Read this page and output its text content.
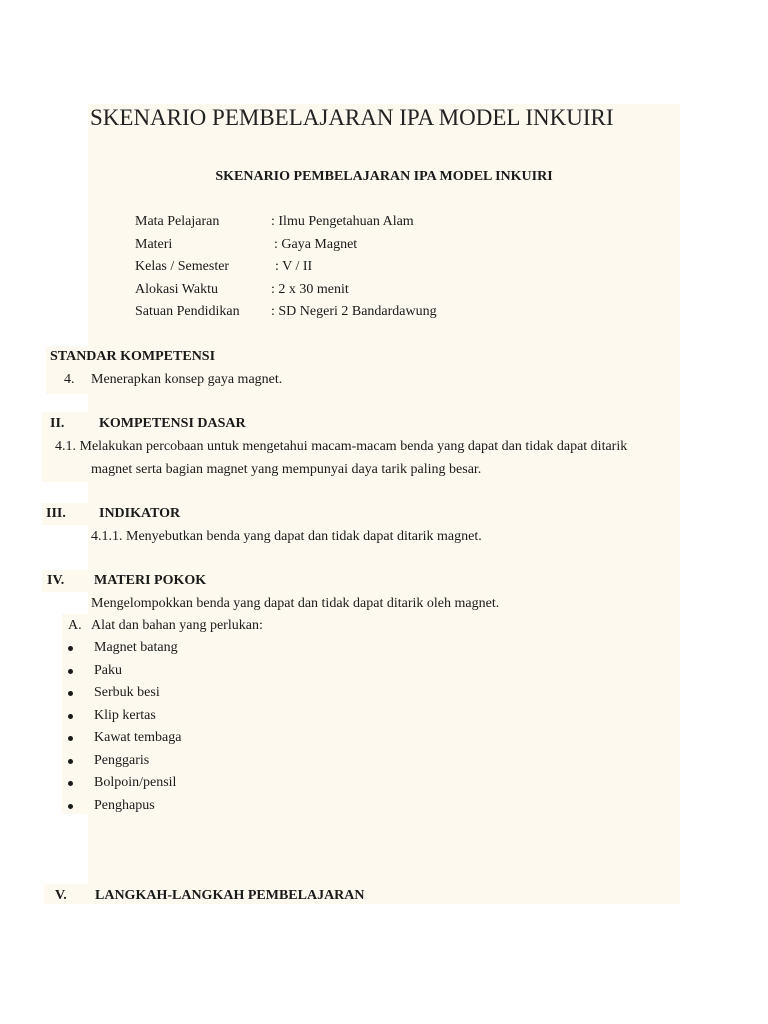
SKENARIO PEMBELAJARAN IPA MODEL INKUIRI
SKENARIO PEMBELAJARAN IPA MODEL INKUIRI
Mata Pelajaran	: Ilmu Pengetahuan Alam
Materi	: Gaya Magnet
Kelas / Semester	: V / II
Alokasi Waktu	: 2 x 30 menit
Satuan Pendidikan : SD Negeri 2 Bandardawung
STANDAR KOMPETENSI
4. Menerapkan konsep gaya magnet.
II. KOMPETENSI DASAR
4.1. Melakukan percobaan untuk mengetahui macam-macam benda yang dapat dan tidak dapat ditarik
magnet serta bagian magnet yang mempunyai daya tarik paling besar.
III. INDIKATOR
4.1.1. Menyebutkan benda yang dapat dan tidak dapat ditarik magnet.
IV. MATERI POKOK
Mengelompokkan benda yang dapat dan tidak dapat ditarik oleh magnet.
A. Alat dan bahan yang perlukan:
Magnet batang
Paku
Serbuk besi
Klip kertas
Kawat tembaga
Penggaris
Bolpoin/pensil
Penghapus
V. LANGKAH-LANGKAH PEMBELAJARAN
